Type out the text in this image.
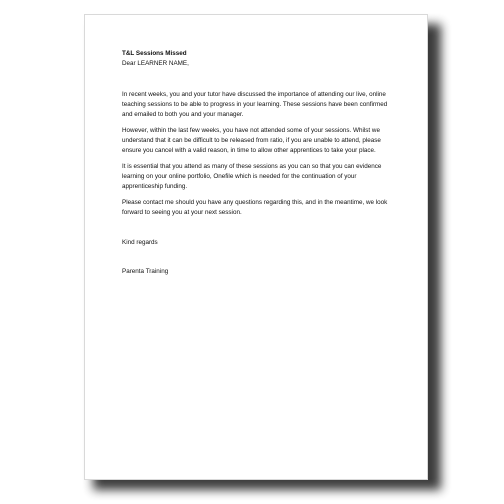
T&L Sessions Missed

Dear LEARNER NAME,

In recent weeks, you and your tutor have discussed the importance of attending our live, online teaching sessions to be able to progress in your learning. These sessions have been confirmed and emailed to both you and your manager.

However, within the last few weeks, you have not attended some of your sessions. Whilst we understand that it can be difficult to be released from ratio, if you are unable to attend, please ensure you cancel with a valid reason, in time to allow other apprentices to take your place.

It is essential that you attend as many of these sessions as you can so that you can evidence learning on your online portfolio, Onefile which is needed for the continuation of your apprenticeship funding.

Please contact me should you have any questions regarding this, and in the meantime, we look forward to seeing you at your next session.

Kind regards

Parenta Training
